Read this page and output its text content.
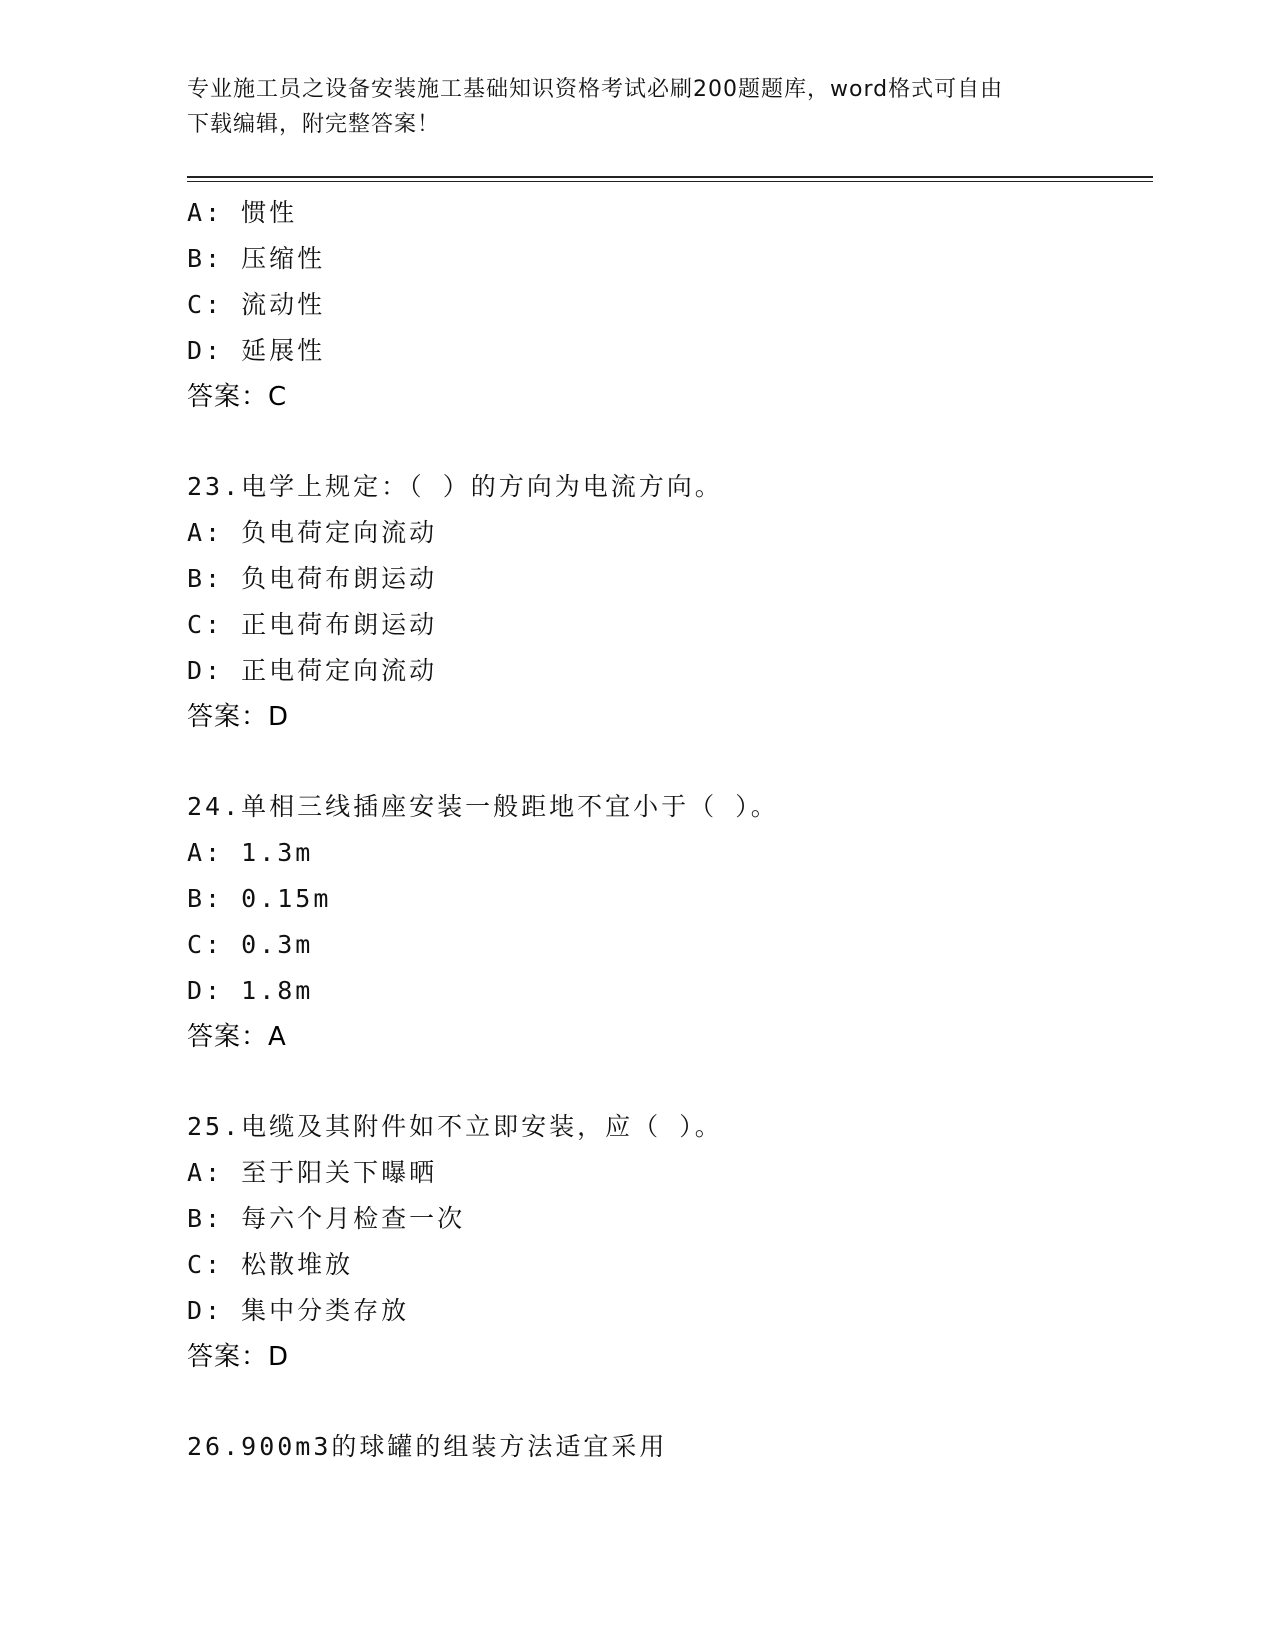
专业施工员之设备安装施工基础知识资格考试必刷200题题库，word格式可自由
下载编辑，附完整答案！
A: 惯性
B: 压缩性
C: 流动性
D: 延展性
答案：C
23.电学上规定：（ ）的方向为电流方向。
A: 负电荷定向流动
B: 负电荷布朗运动
C: 正电荷布朗运动
D: 正电荷定向流动
答案：D
24.单相三线插座安装一般距地不宜小于（ ）。
A: 1.3m
B: 0.15m
C: 0.3m
D: 1.8m
答案：A
25.电缆及其附件如不立即安装，应（ ）。
A: 至于阳关下曝晒
B: 每六个月检查一次
C: 松散堆放
D: 集中分类存放
答案：D
26.900m3的球罐的组装方法适宜采用
